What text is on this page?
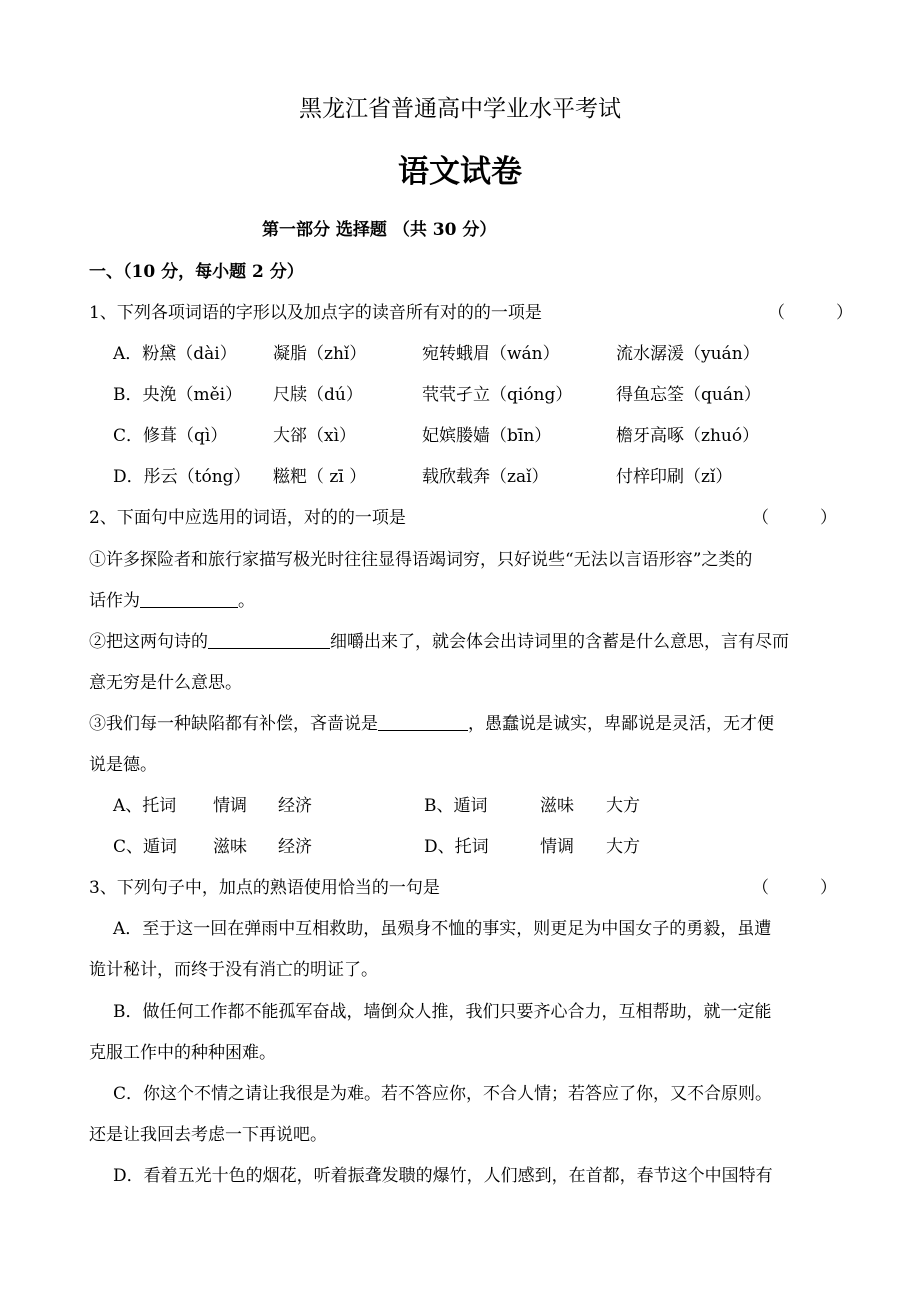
黑龙江省普通高中学业水平考试
语文试卷
第一部分 选择题 （共 30 分）
一、（10 分，每小题 2 分）
1、下列各项词语的字形以及加点字的读音所有对的的一项是	（　　　）
A．粉黛（dài） 凝脂（zhǐ）	宛转蛾眉（wán）	流水潺湲（yuán）
B．央浼（měi） 尺牍（dú）	茕茕孑立（qióng）	得鱼忘筌（quán）
C．修葺（qì）	大郤（xì）	妃嫔媵嫱（bīn）	檐牙高啄（zhuó）
D．彤云（tóng） 糍粑（ zī ）	载欣载奔（zaǐ）	付梓印刷（zǐ）
2、下面句中应选用的词语，对的的一项是	（　　　）
①许多探险者和旅行家描写极光时往往显得语竭词穷，只好说些“无法以言语形容”之类的
话作为	。
②把这两句诗的	细嚼出来了，就会体会出诗词里的含蓄是什么意思，言有尽而
意无穷是什么意思。
③我们每一种缺陷都有补偿，吝啬说是	，愚蠢说是诚实，卑鄙说是灵活，无才便
说是德。
A、托词 情调 经济	B、遁词	滋味 大方
C、遁词 滋味 经济	D、托词	情调 大方
3、下列句子中，加点的熟语使用恰当的一句是	（　　　）
A．至于这一回在弹雨中互相救助，虽殒身不恤的事实，则更足为中国女子的勇毅，虽遭
诡计秘计，而终于没有消亡的明证了。
B．做任何工作都不能孤军奋战，墙倒众人推，我们只要齐心合力，互相帮助，就一定能
克服工作中的种种困难。
C．你这个不情之请让我很是为难。若不答应你，不合人情；若答应了你，又不合原则。
还是让我回去考虑一下再说吧。
D．看着五光十色的烟花，听着振聋发聩的爆竹，人们感到，在首都，春节这个中国特有
